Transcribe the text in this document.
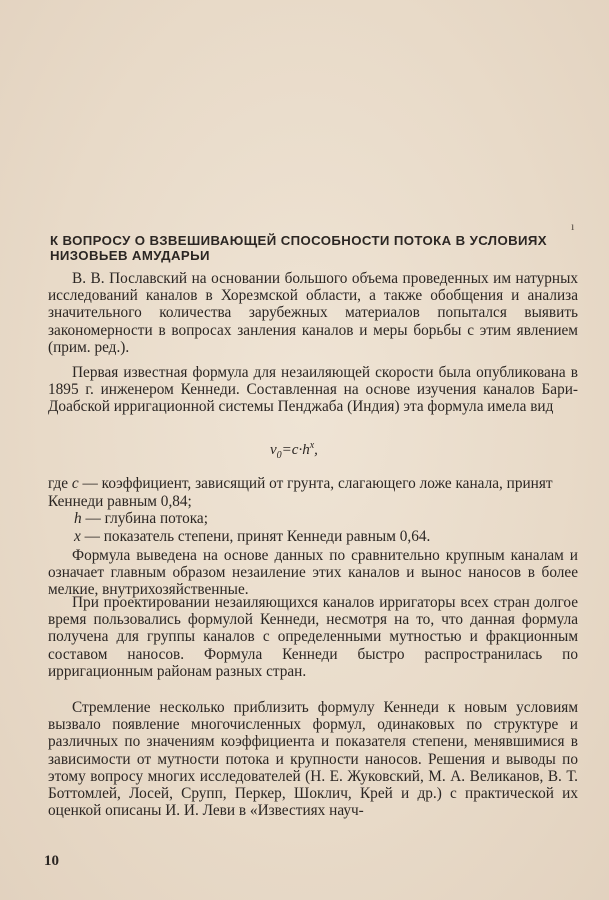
ı
К ВОПРОСУ О ВЗВЕШИВАЮЩЕЙ СПОСОБНОСТИ ПОТОКА В УСЛОВИЯХ НИЗОВЬЕВ АМУДАРЬИ

В. В. Пославский на основании большого объема проведенных им натурных исследований каналов в Хорезмской области, а также обобщения и анализа значительного количества зарубежных материалов попытался выявить закономерности в вопросах занления каналов и меры борьбы с этим явлением (прим. ред.).

Первая известная формула для незаиляющей скорости была опубликована в 1895 г. инженером Кеннеди. Составленная на основе изучения каналов Бари-Доабской ирригационной системы Пенджаба (Индия) эта формула имела вид

$v_0=c\cdot h^x$,

где c — коэффициент, зависящий от грунта, слагающего ложе канала, принят Кеннеди равным 0,84;

h — глубина потока;

x — показатель степени, принят Кеннеди равным 0,64.

Формула выведена на основе данных по сравнительно крупным каналам и означает главным образом незаиление этих каналов и вынос наносов в более мелкие, внутрихозяйственные.

При проектировании незаиляющихся каналов ирригаторы всех стран долгое время пользовались формулой Кеннеди, несмотря на то, что данная формула получена для группы каналов с определенными мутностью и фракционным составом наносов. Формула Кеннеди быстро распространилась по ирригационным районам разных стран.

Стремление несколько приблизить формулу Кеннеди к новым условиям вызвало появление многочисленных формул, одинаковых по структуре и различных по значениям коэффициента и показателя степени, менявшимися в зависимости от мутности потока и крупности наносов. Решения и выводы по этому вопросу многих исследователей (Н. Е. Жуковский, М. А. Великанов, В. Т. Боттомлей, Лосей, Срупп, Перкер, Шоклич, Крей и др.) с практической их оценкой описаны И. И. Леви в «Известиях науч-

10
